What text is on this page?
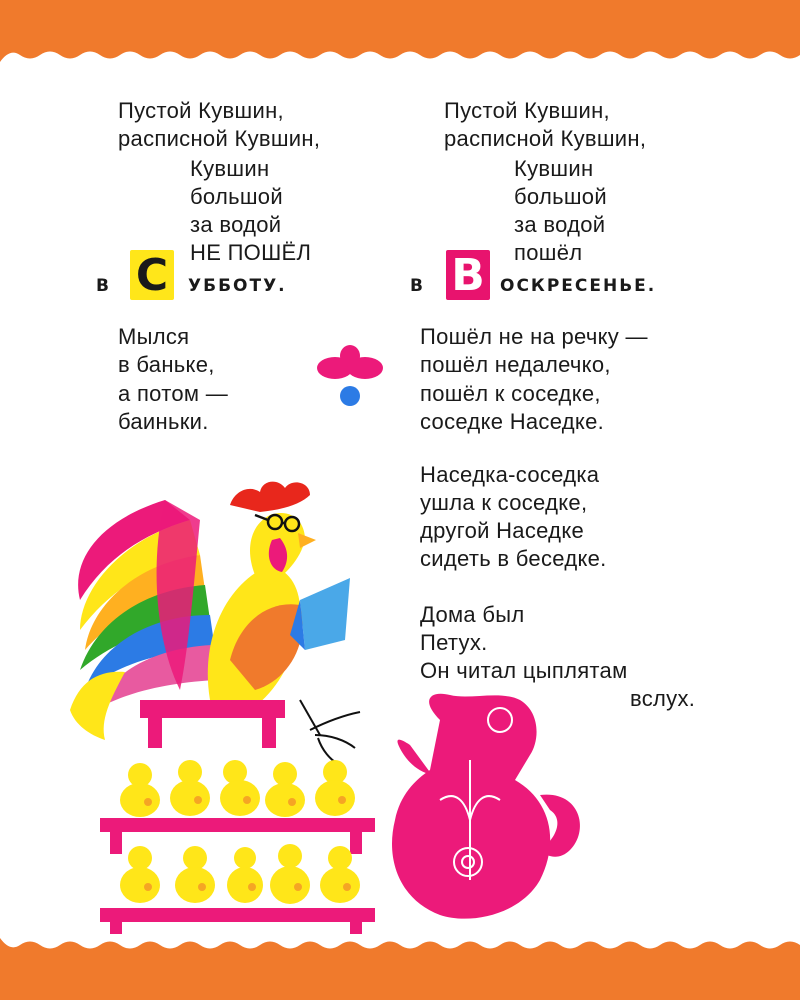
Пустой Кувшин,
расписной Кувшин,
Кувшин
большой
за водой
НЕ ПОШЁЛ
В С	УББОТУ.
Мылся
в баньке,
а потом —
баиньки.
Пустой Кувшин,
расписной Кувшин,
Кувшин
большой
за водой
пошёл
В В ОСКРЕСЕНЬЕ.
Пошёл не на речку —
пошёл недалечко,
пошёл к соседке,
соседке Наседке.
Наседка-соседка
ушла к соседке,
другой Наседке
сидеть в беседке.
Дома был
Петух.
Он читал цыплятам
вслух.
